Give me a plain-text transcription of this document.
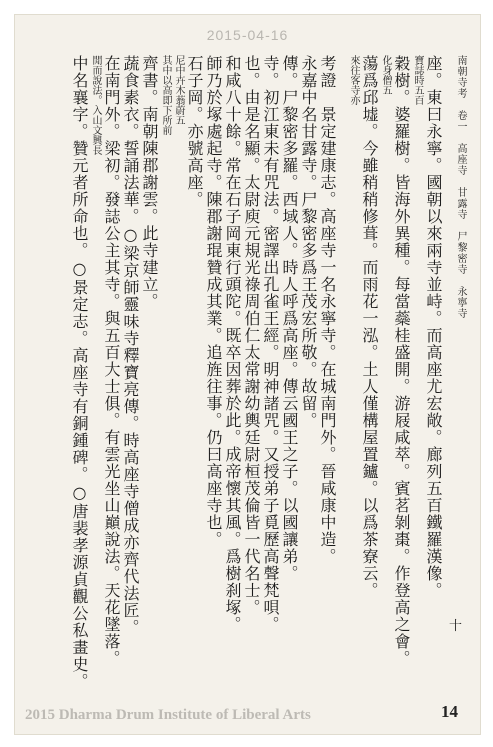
2015-04-16
南朝寺考　卷一　高座寺　甘露寺　尸黎密寺　永寧寺
座。東曰永寧。國朝以來兩寺並峙。而高座尤宏敞。廊列五百鐵羅漢像。
寶誌時五百
穀樹。婆羅樹。皆海外異種。每當蘂桂盛開。游屐咸萃。賓茗剝棗。作登高之會。
化身僧五
蕩爲邱墟。今雖稍稍修葺。而雨花一泓。土人僅構屋置鑪。以爲茶寮云。
來往客寺亦
考證　景定建康志。高座寺一名永寧寺。在城南門外。晉咸康中造。
永嘉中名甘露寺。尸黎密多爲王茂宏所敬。故留。
傳。尸黎密多羅。西域人。時人呼爲高座。傳云國王之子。以國讓弟。
寺。初江東未有咒法。密譯出孔雀王經。明神諸咒。又授弟子覓歷高聲梵唄。
也。由是名顯。太尉庾元規光祿周伯仁太常謝幼輿廷尉桓茂倫皆一代名士。
和咸八十餘。常在石子岡東行頭陀。既卒因葬於此。成帝懷其風。爲樹刹塚。
師乃於塚處起寺。陳郡謝琨贊成其業。追旌往事。仍曰高座寺也。
石子岡。亦號高座。
尼中卉木蓊蔚五
其中以高即下所前
齊書。南朝陳郡謝雲。此寺建立。
蔬食素衣。誓誦法華。○梁京師靈味寺釋寶亮傳。時高座寺僧成亦齊代法匠。
在南門外。梁初。發誌公主其寺。與五百大士俱。有雲光坐山巔說法。天花墜落。
閒而說法。入山文興長
中名襄字。贊元者所命也。○景定志。高座寺有銅鍾碑。○唐裴孝源貞觀公私畫史。	十
2015 Dharma Drum Institute of Liberal Arts	14
